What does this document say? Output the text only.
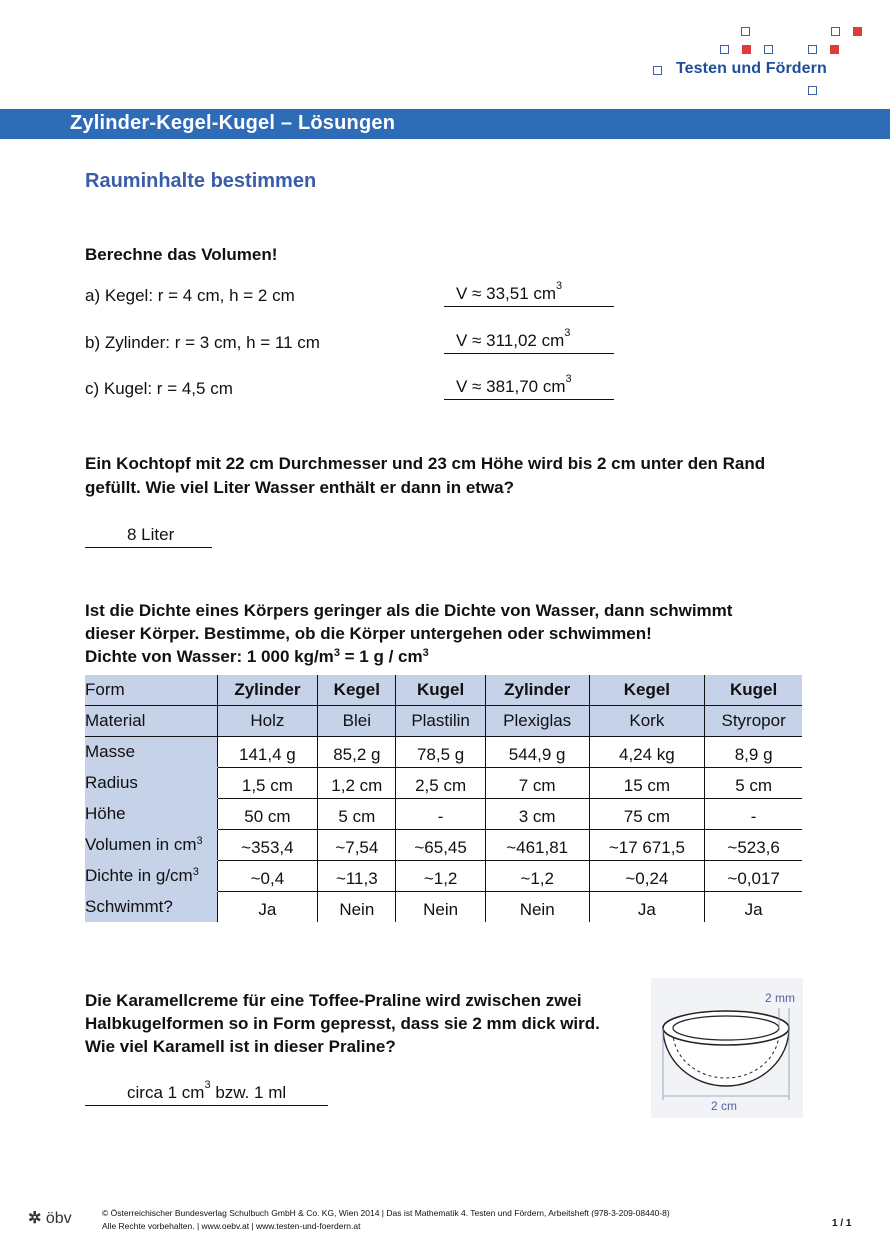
Testen und Fördern
Zylinder-Kegel-Kugel – Lösungen
Rauminhalte bestimmen
Berechne das Volumen!
a) Kegel: r = 4 cm, h = 2 cm	V ≈ 33,51 $cm^3$
b) Zylinder: r = 3 cm, h = 11 cm	V ≈ 311,02 $cm^3$
c) Kugel: r = 4,5 cm	V ≈ 381,70 $cm^3$
Ein Kochtopf mit 22 cm Durchmesser und 23 cm Höhe wird bis 2 cm unter den Rand
gefüllt. Wie viel Liter Wasser enthält er dann in etwa?
8 Liter
Ist die Dichte eines Körpers geringer als die Dichte von Wasser, dann schwimmt
dieser Körper. Bestimme, ob die Körper untergehen oder schwimmen!
Dichte von Wasser: 1 000 $kg/m^3 = 1$ g / $cm^3$
Form	Zylinder	Kegel	Kugel	Zylinder	Kegel	Kugel
Material	Holz	Blei	Plastilin	Plexiglas	Kork	Styropor
Masse	141,4 g	85,2 g	78,5 g	544,9 g	4,24 kg	8,9 g
Radius	1,5 cm	1,2 cm	2,5 cm	7 cm	15 cm	5 cm
Höhe	50 cm	5 cm	-	3 cm	75 cm	-
Volumen in $cm^3$	~353,4	~7,54	~65,45	~461,81	~17 671,5	~523,6
Dichte in $g/cm^3$	~0,4	~11,3	~1,2	~1,2	~0,24	~0,017
Schwimmt?	Ja	Nein	Nein	Nein	Ja	Ja
Die Karamellcreme für eine Toffee-Praline wird zwischen zwei
Halbkugelformen so in Form gepresst, dass sie 2 mm dick wird.
Wie viel Karamell ist in dieser Praline?
circa 1 $cm^3$ bzw. 1 ml
2 mm
2 cm
✲ öbv	© Österreichischer Bundesverlag Schulbuch GmbH & Co. KG, Wien 2014 | Das ist Mathematik 4. Testen und Fördern, Arbeitsheft (978-3-209-08440-8)
Alle Rechte vorbehalten. | www.oebv.at | www.testen-und-foerdern.at	1 / 1
